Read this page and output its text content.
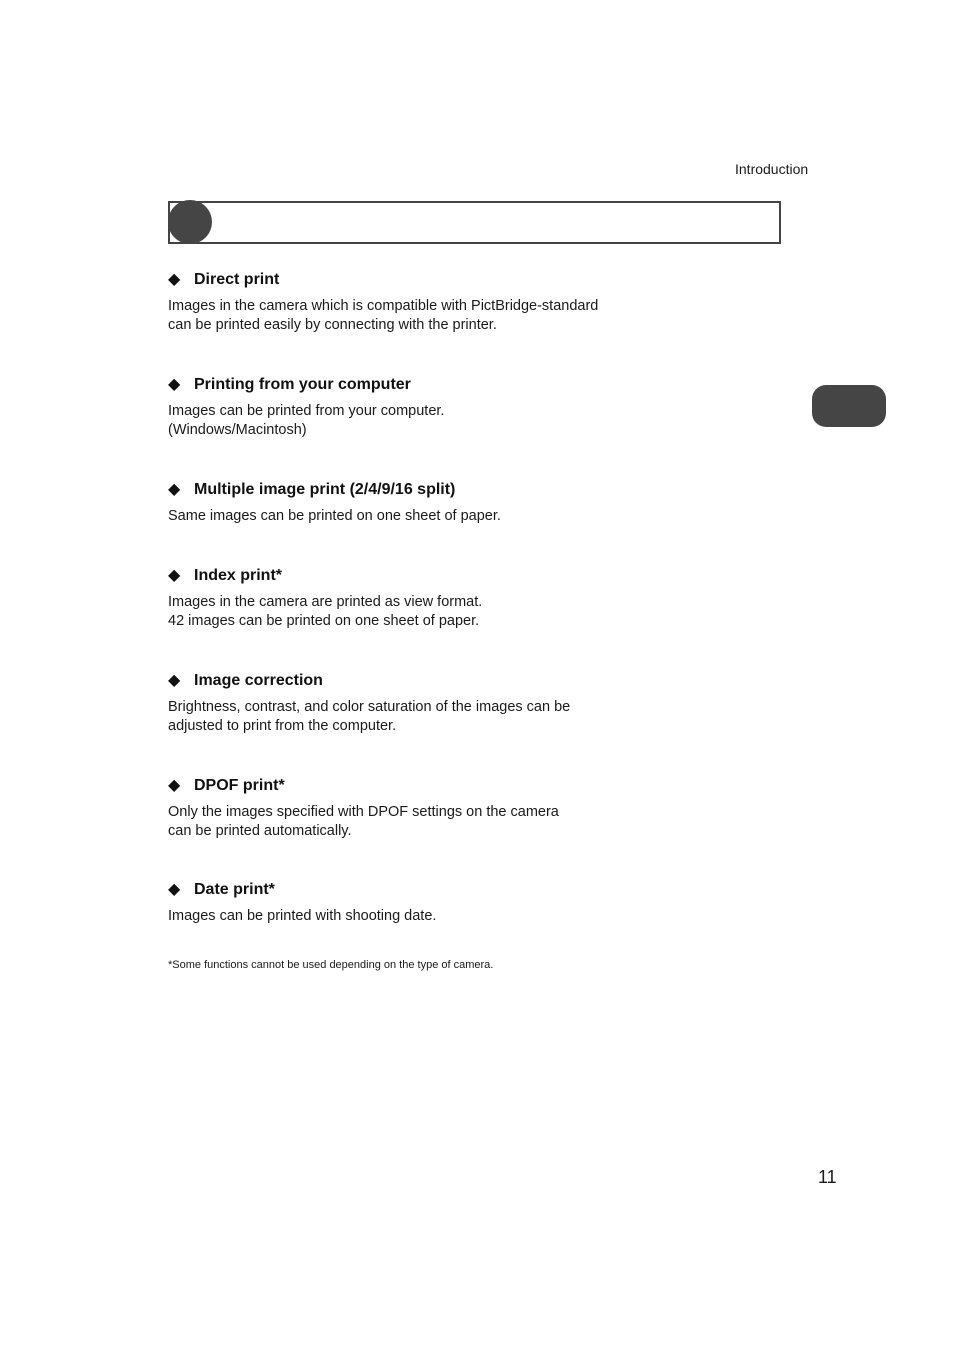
Introduction
◆ Direct print
Images in the camera which is compatible with PictBridge-standard
can be printed easily by connecting with the printer.
◆ Printing from your computer
Images can be printed from your computer.
(Windows/Macintosh)
◆ Multiple image print (2/4/9/16 split)
Same images can be printed on one sheet of paper.
◆ Index print*
Images in the camera are printed as view format.
42 images can be printed on one sheet of paper.
◆ Image correction
Brightness, contrast, and color saturation of the images can be
adjusted to print from the computer.
◆ DPOF print*
Only the images specified with DPOF settings on the camera
can be printed automatically.
◆ Date print*
Images can be printed with shooting date.
*Some functions cannot be used depending on the type of camera.
11
